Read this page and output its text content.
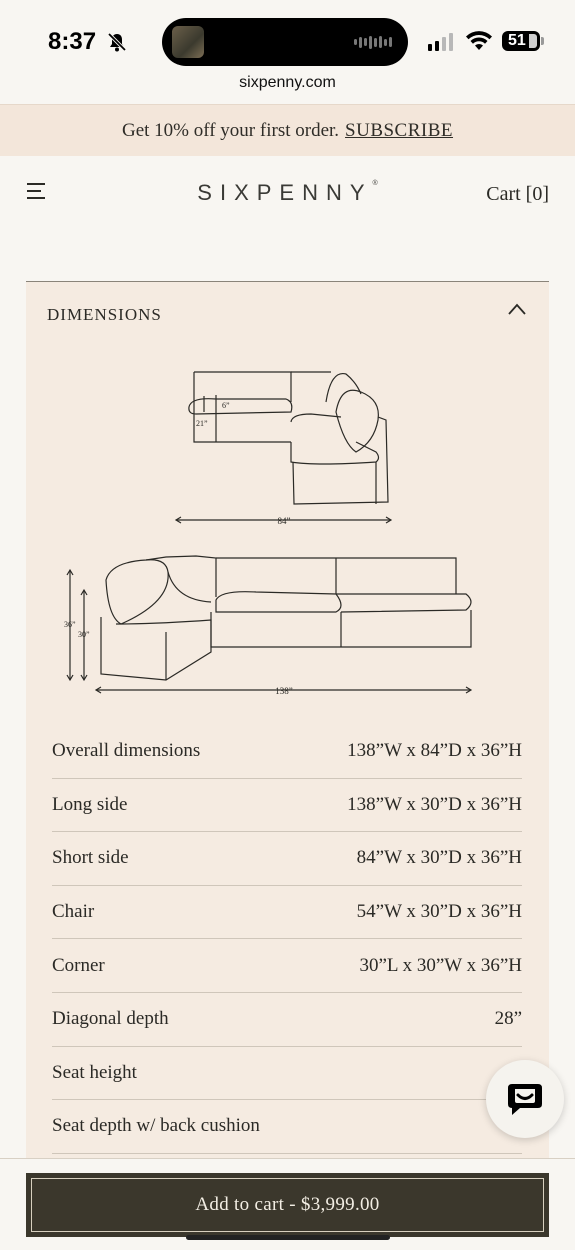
8:37	51
sixpenny.com
Get 10% off your first order. SUBSCRIBE
SIXPENNY®	Cart [0]
DIMENSIONS
84”
6”
21”
36”
30”
138”
Overall dimensions	138”W x 84”D x 36”H
Long side	138”W x 30”D x 36”H
Short side	84”W x 30”D x 36”H
Chair	54”W x 30”D x 36”H
Corner	30”L x 30”W x 36”H
Diagonal depth	28”
Seat height
Seat depth w/ back cushion
Add to cart - $3,999.00
